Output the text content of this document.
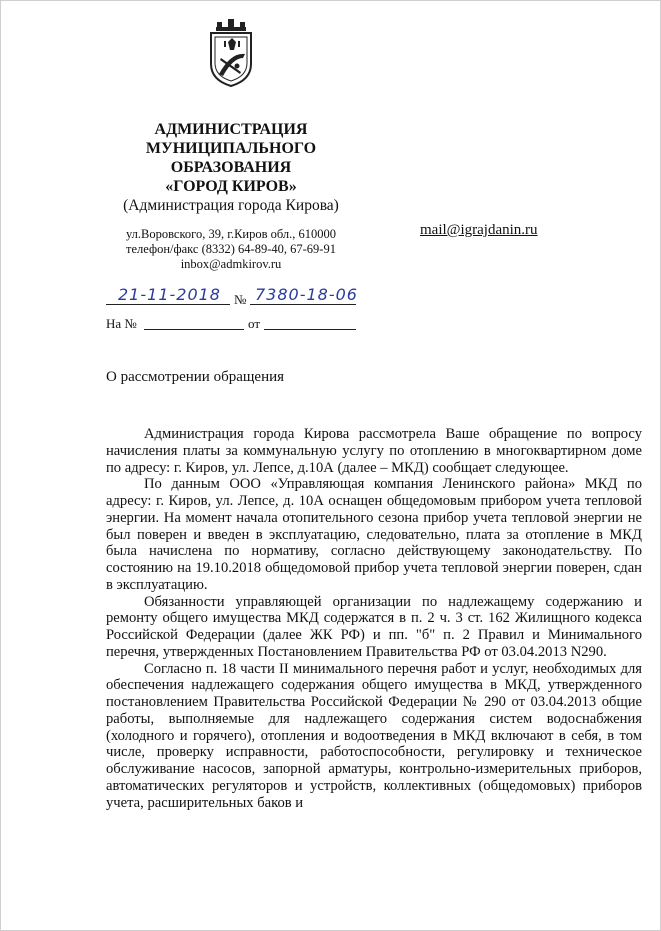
АДМИНИСТРАЦИЯ
МУНИЦИПАЛЬНОГО
ОБРАЗОВАНИЯ
«ГОРОД КИРОВ»
(Администрация города Кирова)
ул.Воровского, 39, г.Киров обл., 610000
телефон/факс (8332) 64-89-40, 67-69-91
inbox@admkirov.ru
mail@igrajdanin.ru
21-11-2018 № 7380-18-06
На №	от
О рассмотрении обращения

Администрация города Кирова рассмотрела Ваше обращение по вопросу начисления платы за коммунальную услугу по отоплению в многоквартирном доме по адресу: г. Киров, ул. Лепсе, д.10А (далее – МКД) сообщает следующее.

По данным ООО «Управляющая компания Ленинского района» МКД по адресу: г. Киров, ул. Лепсе, д. 10А оснащен общедомовым прибором учета тепловой энергии. На момент начала отопительного сезона прибор учета тепловой энергии не был поверен и введен в эксплуатацию, следовательно, плата за отопление в МКД была начислена по нормативу, согласно действующему законодательству. По состоянию на 19.10.2018 общедомовой прибор учета тепловой энергии поверен, сдан в эксплуатацию.

Обязанности управляющей организации по надлежащему содержанию и ремонту общего имущества МКД содержатся в п. 2 ч. 3 ст. 162 Жилищного кодекса Российской Федерации (далее ЖК РФ) и пп. "б" п. 2 Правил и Минимального перечня, утвержденных Постановлением Правительства РФ от 03.04.2013 N290.

Согласно п. 18 части II минимального перечня работ и услуг, необходимых для обеспечения надлежащего содержания общего имущества в МКД, утвержденного постановлением Правительства Российской Федерации № 290 от 03.04.2013 общие работы, выполняемые для надлежащего содержания систем водоснабжения (холодного и горячего), отопления и водоотведения в МКД включают в себя, в том числе, проверку исправности, работоспособности, регулировку и техническое обслуживание насосов, запорной арматуры, контрольно-измерительных приборов, автоматических регуляторов и устройств, коллективных (общедомовых) приборов учета, расширительных баков и
